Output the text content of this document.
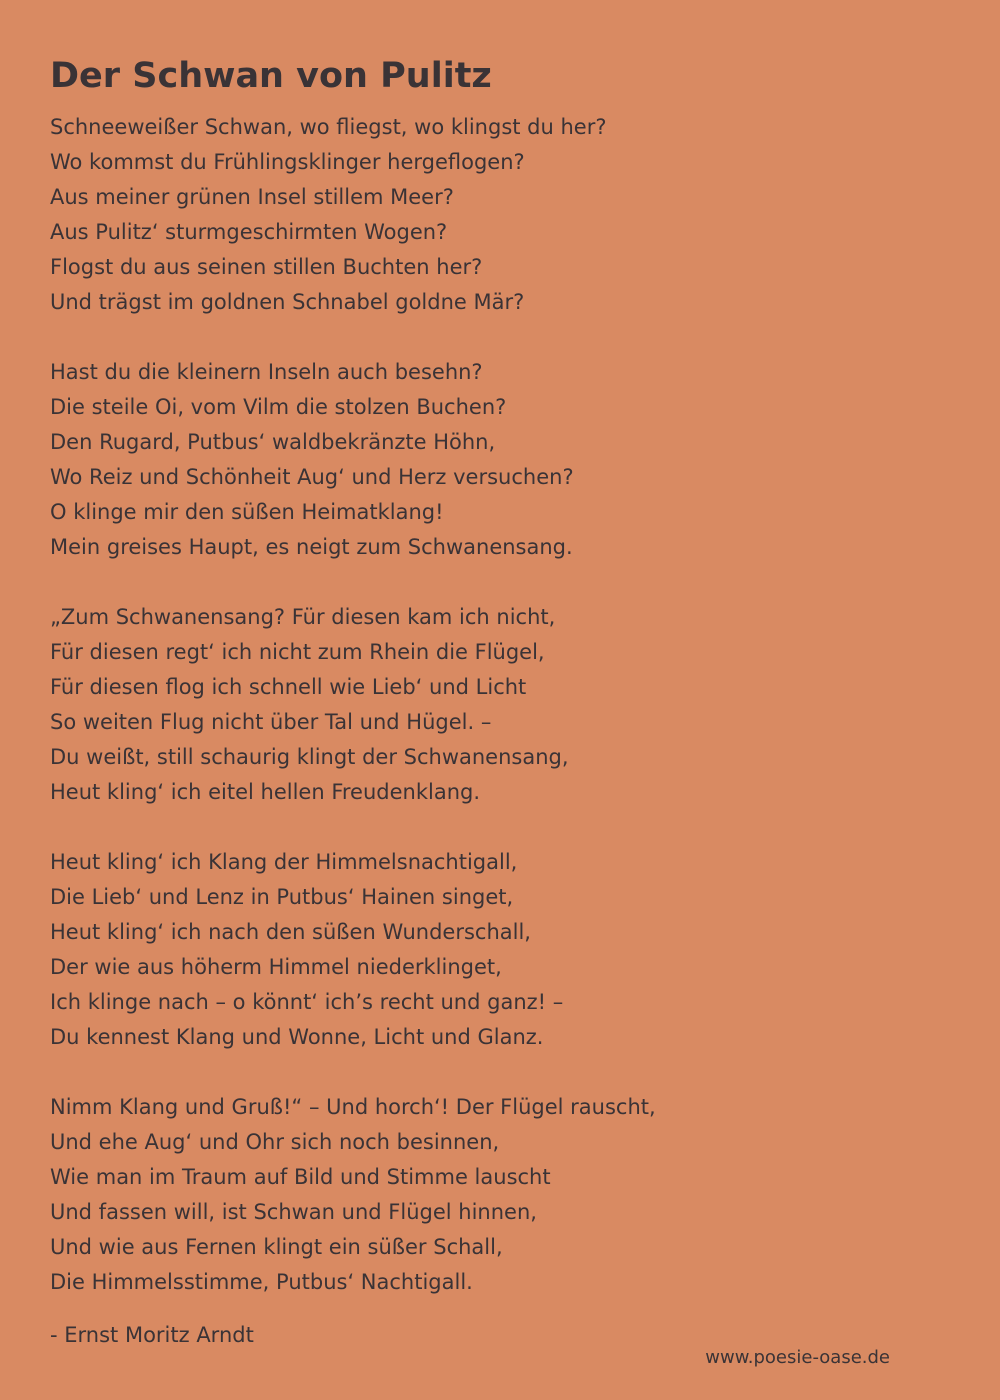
Der Schwan von Pulitz
Schneeweißer Schwan, wo fliegst, wo klingst du her?
Wo kommst du Frühlingsklinger hergeflogen?
Aus meiner grünen Insel stillem Meer?
Aus Pulitz‘ sturmgeschirmten Wogen?
Flogst du aus seinen stillen Buchten her?
Und trägst im goldnen Schnabel goldne Mär?
Hast du die kleinern Inseln auch besehn?
Die steile Oi, vom Vilm die stolzen Buchen?
Den Rugard, Putbus‘ waldbekränzte Höhn,
Wo Reiz und Schönheit Aug‘ und Herz versuchen?
O klinge mir den süßen Heimatklang!
Mein greises Haupt, es neigt zum Schwanensang.
„Zum Schwanensang? Für diesen kam ich nicht,
Für diesen regt‘ ich nicht zum Rhein die Flügel,
Für diesen flog ich schnell wie Lieb‘ und Licht
So weiten Flug nicht über Tal und Hügel. –
Du weißt, still schaurig klingt der Schwanensang,
Heut kling‘ ich eitel hellen Freudenklang.
Heut kling‘ ich Klang der Himmelsnachtigall,
Die Lieb‘ und Lenz in Putbus‘ Hainen singet,
Heut kling‘ ich nach den süßen Wunderschall,
Der wie aus höherm Himmel niederklinget,
Ich klinge nach – o könnt‘ ich’s recht und ganz! –
Du kennest Klang und Wonne, Licht und Glanz.
Nimm Klang und Gruß!“ – Und horch‘! Der Flügel rauscht,
Und ehe Aug‘ und Ohr sich noch besinnen,
Wie man im Traum auf Bild und Stimme lauscht
Und fassen will, ist Schwan und Flügel hinnen,
Und wie aus Fernen klingt ein süßer Schall,
Die Himmelsstimme, Putbus‘ Nachtigall.
- Ernst Moritz Arndt
www.poesie-oase.de
